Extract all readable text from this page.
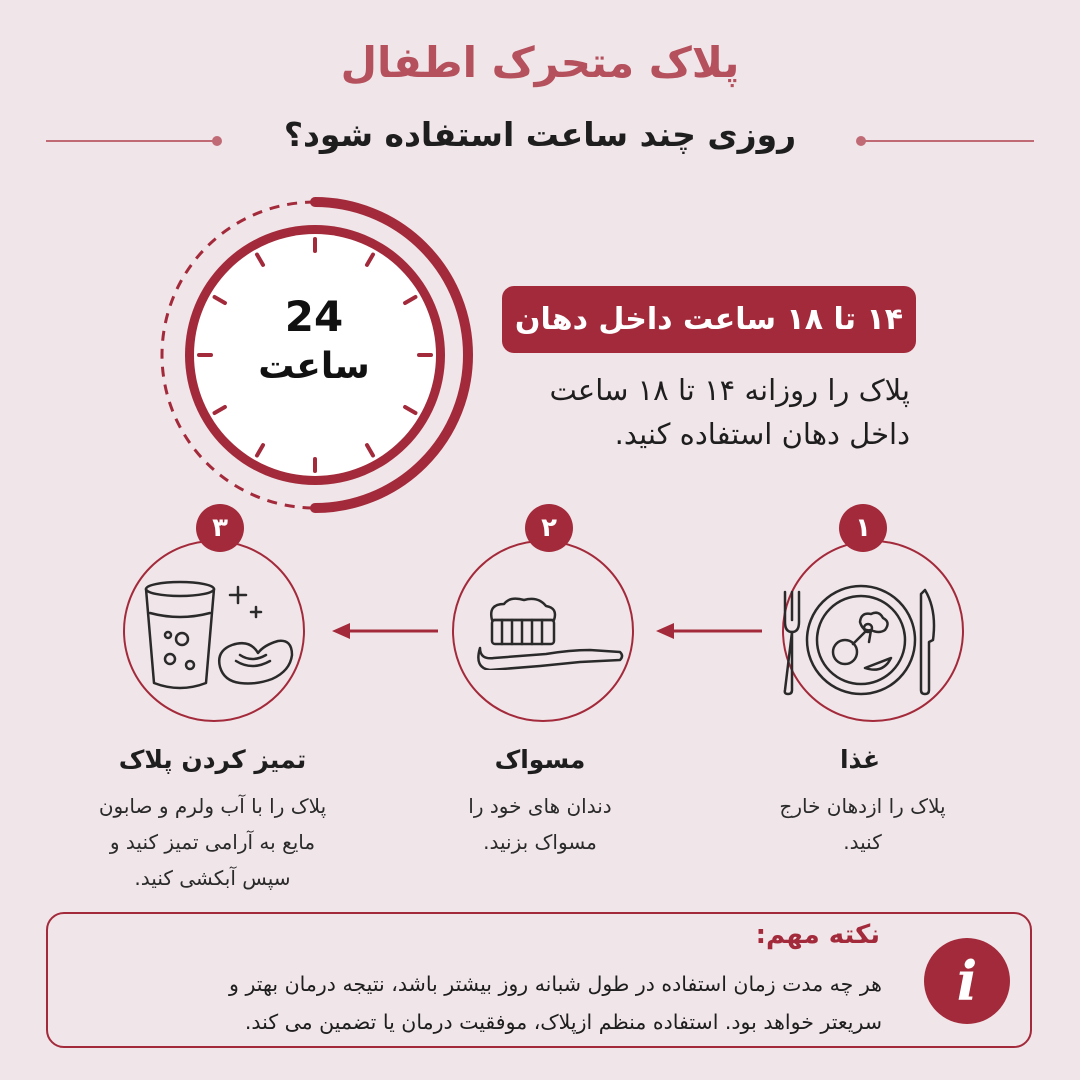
پلاک متحرک اطفال
روزی چند ساعت استفاده شود؟
24
ساعت
۱۴ تا ۱۸ ساعت داخل دهان
پلاک را روزانه ۱۴ تا ۱۸ ساعت
داخل دهان استفاده کنید.
۳	۲	۱
تمیز کردن پلاک	مسواک	غذا
پلاک را با آب ولرم و صابون
مایع به آرامی تمیز کنید و
سپس آبکشی کنید.
دندان های خود را
مسواک بزنید.
پلاک را ازدهان خارج
کنید.
نکته مهم:
هر چه مدت زمان استفاده در طول شبانه روز بیشتر باشد، نتیجه درمان بهتر و
سریعتر خواهد بود. استفاده منظم ازپلاک، موفقیت درمان یا تضمین می کند.
i
